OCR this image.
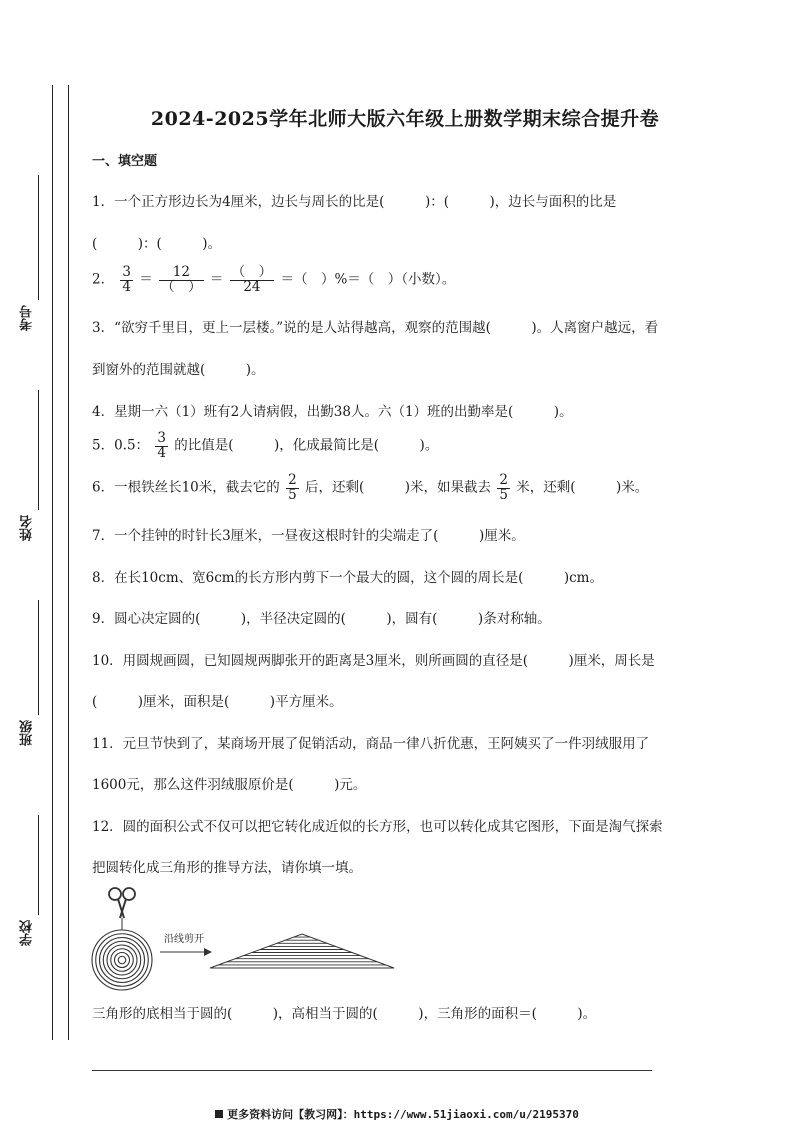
考号
姓名
班级
学校
2024-2025学年北师大版六年级上册数学期末综合提升卷
一、填空题
1．一个正方形边长为4厘米，边长与周长的比是(　　　)：(　　　)，边长与面积的比是
(　　　)：(　　　)。
2． $\frac{3}{4} = \frac{12}{( )} = \frac{( )}{24}$ ＝（　）%＝（　）（小数）。
3．“欲穷千里目，更上一层楼。”说的是人站得越高，观察的范围越(　　　)。人离窗户越远，看
到窗外的范围就越(　　　)。
4．星期一六（1）班有2人请病假，出勤38人。六（1）班的出勤率是(　　　)。
5．0.5： $\frac{3}{4}$ 的比值是(　　　)，化成最简比是(　　　)。
6．一根铁丝长10米，截去它的 $\frac{2}{5}$ 后，还剩(　　　)米，如果截去 $\frac{2}{5}$ 米，还剩(　　　)米。
7．一个挂钟的时针长3厘米，一昼夜这根时针的尖端走了(　　　)厘米。
8．在长10cm、宽6cm的长方形内剪下一个最大的圆，这个圆的周长是(　　　)cm。
9．圆心决定圆的(　　　)，半径决定圆的(　　　)，圆有(　　　)条对称轴。
10．用圆规画圆，已知圆规两脚张开的距离是3厘米，则所画圆的直径是(　　　)厘米，周长是
(　　　)厘米，面积是(　　　)平方厘米。
11．元旦节快到了，某商场开展了促销活动，商品一律八折优惠，王阿姨买了一件羽绒服用了
1600元，那么这件羽绒服原价是(　　　)元。
12．圆的面积公式不仅可以把它转化成近似的长方形，也可以转化成其它图形，下面是淘气探索
把圆转化成三角形的推导方法，请你填一填。
沿线剪开
三角形的底相当于圆的(　　　)，高相当于圆的(　　　)，三角形的面积＝(　　　)。
更多资料访问【教习网】：https://www.51jiaoxi.com/u/2195370
